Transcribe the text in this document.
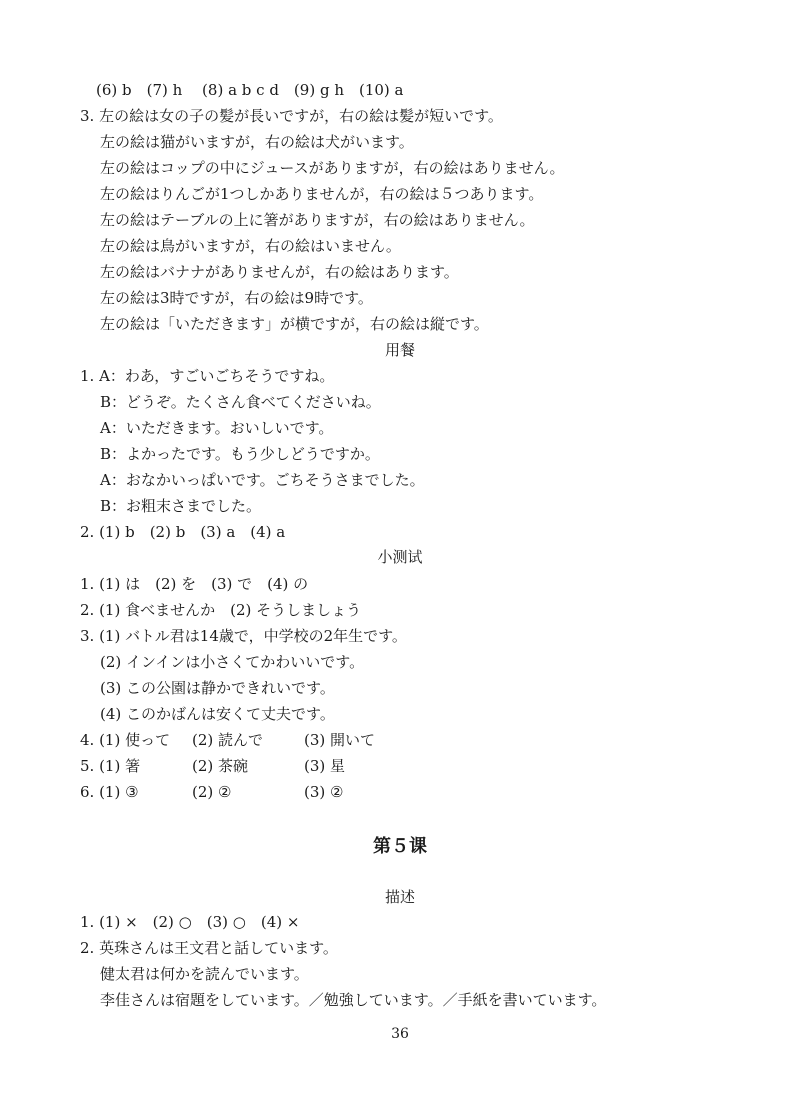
(6) b　(7) h　 (8) a b c d　(9) g h　(10) a
3. 左の絵は女の子の髪が長いですが，右の絵は髪が短いです。
左の絵は猫がいますが，右の絵は犬がいます。
左の絵はコップの中にジュースがありますが，右の絵はありません。
左の絵はりんごが1つしかありませんが，右の絵は５つあります。
左の絵はテーブルの上に箸がありますが，右の絵はありません。
左の絵は鳥がいますが，右の絵はいません。
左の絵はバナナがありませんが，右の絵はあります。
左の絵は3時ですが，右の絵は9時です。
左の絵は「いただきます」が横ですが，右の絵は縦です。
用餐
1. A：わあ，すごいごちそうですね。
B：どうぞ。たくさん食べてくださいね。
A：いただきます。おいしいです。
B：よかったです。もう少しどうですか。
A：おなかいっぱいです。ごちそうさまでした。
B：お粗末さまでした。
2. (1) b　(2) b　(3) a　(4) a
小测试
1. (1) は　(2) を　(3) で　(4) の
2. (1) 食べませんか　(2) そうしましょう
3. (1) バトル君は14歳で，中学校の2年生です。
(2) インインは小さくてかわいいです。
(3) この公園は静かできれいです。
(4) このかばんは安くて丈夫です。
4. (1) 使って (2) 読んで	(3) 開いて
5. (1) 箸	(2) 茶碗	(3) 星
6. (1) ③	(2) ②	(3) ②
第５课
描述
1. (1) ×　(2) ○　(3) ○　(4) ×
2. 英珠さんは王文君と話しています。
健太君は何かを読んでいます。
李佳さんは宿題をしています。／勉強しています。／手紙を書いています。
36
